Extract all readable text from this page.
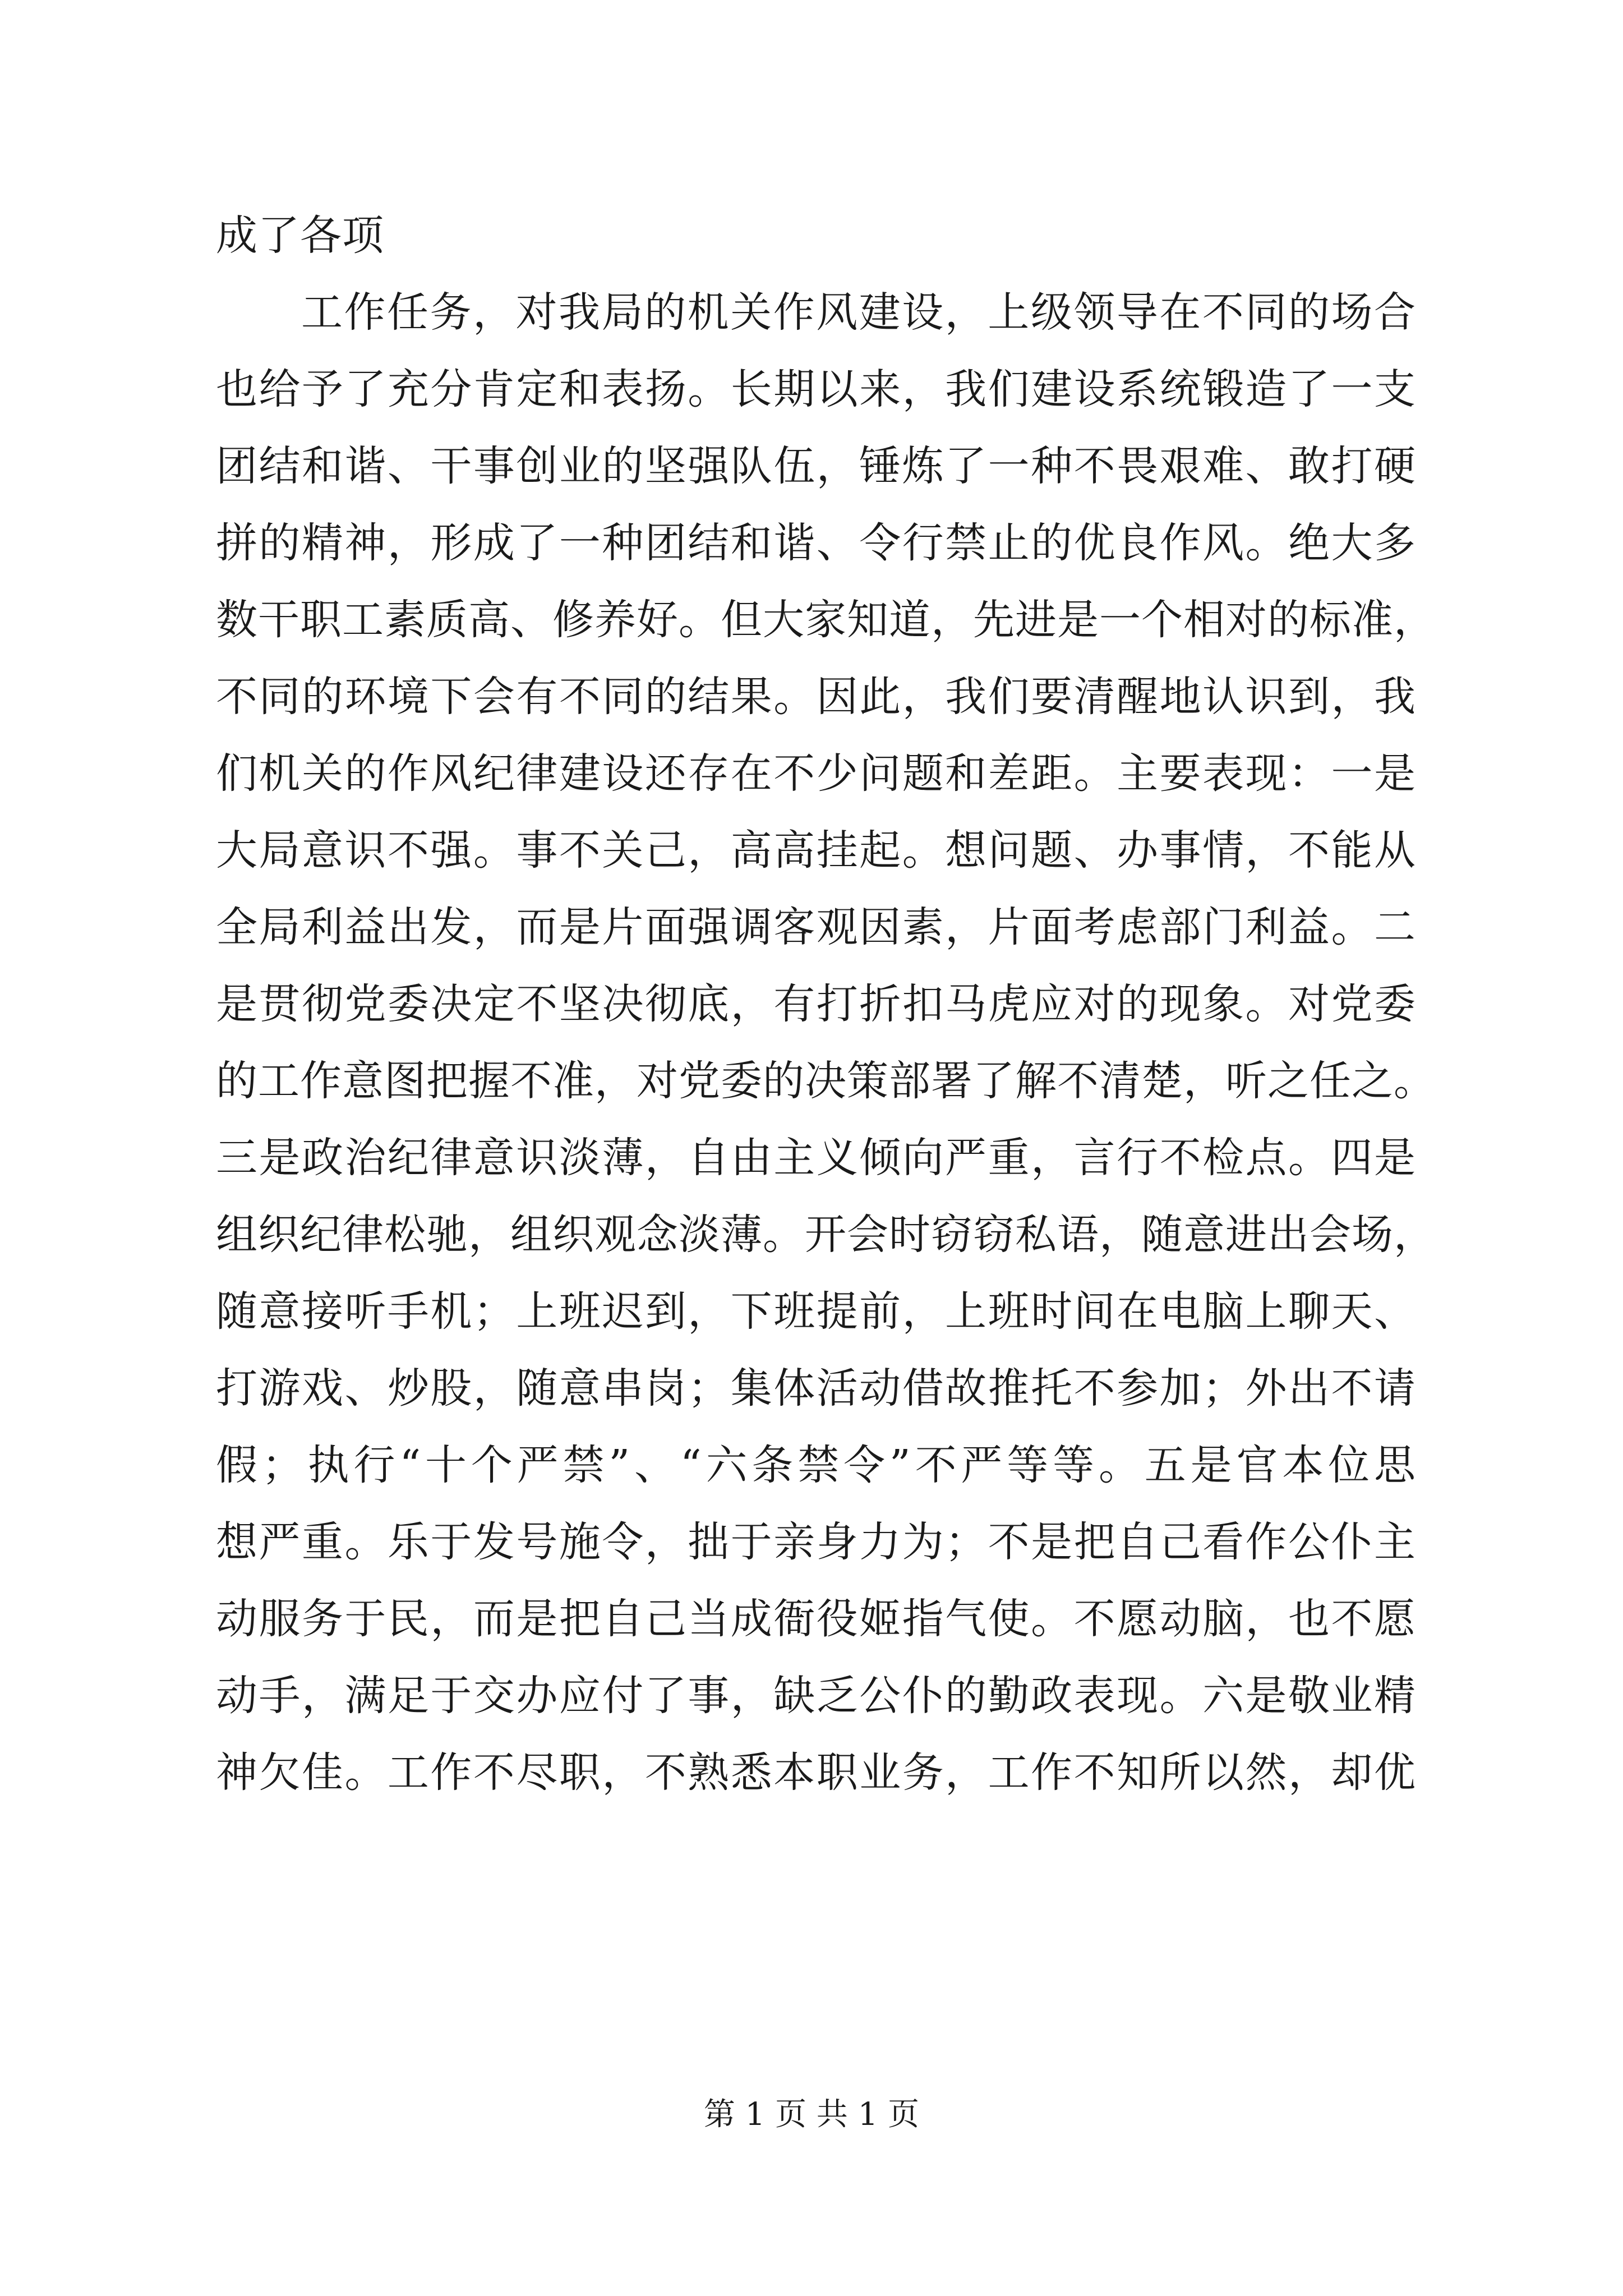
成了各项
工作任务，对我局的机关作风建设，上级领导在不同的场合
也给予了充分肯定和表扬。长期以来，我们建设系统锻造了一支
团结和谐、干事创业的坚强队伍，锤炼了一种不畏艰难、敢打硬
拼的精神，形成了一种团结和谐、令行禁止的优良作风。绝大多
数干职工素质高、修养好。但大家知道，先进是一个相对的标准，
不同的环境下会有不同的结果。因此，我们要清醒地认识到，我
们机关的作风纪律建设还存在不少问题和差距。主要表现：一是
大局意识不强。事不关己，高高挂起。想问题、办事情，不能从
全局利益出发，而是片面强调客观因素，片面考虑部门利益。二
是贯彻党委决定不坚决彻底，有打折扣马虎应对的现象。对党委
的工作意图把握不准，对党委的决策部署了解不清楚，听之任之。
三是政治纪律意识淡薄，自由主义倾向严重，言行不检点。四是
组织纪律松驰，组织观念淡薄。开会时窃窃私语，随意进出会场，
随意接听手机；上班迟到，下班提前，上班时间在电脑上聊天、
打游戏、炒股，随意串岗；集体活动借故推托不参加；外出不请
假；执行“十个严禁”、“六条禁令”不严等等。五是官本位思
想严重。乐于发号施令，拙于亲身力为；不是把自己看作公仆主
动服务于民，而是把自己当成衙役姬指气使。不愿动脑，也不愿
动手，满足于交办应付了事，缺乏公仆的勤政表现。六是敬业精
神欠佳。工作不尽职，不熟悉本职业务，工作不知所以然，却优
第 1 页 共 1 页
